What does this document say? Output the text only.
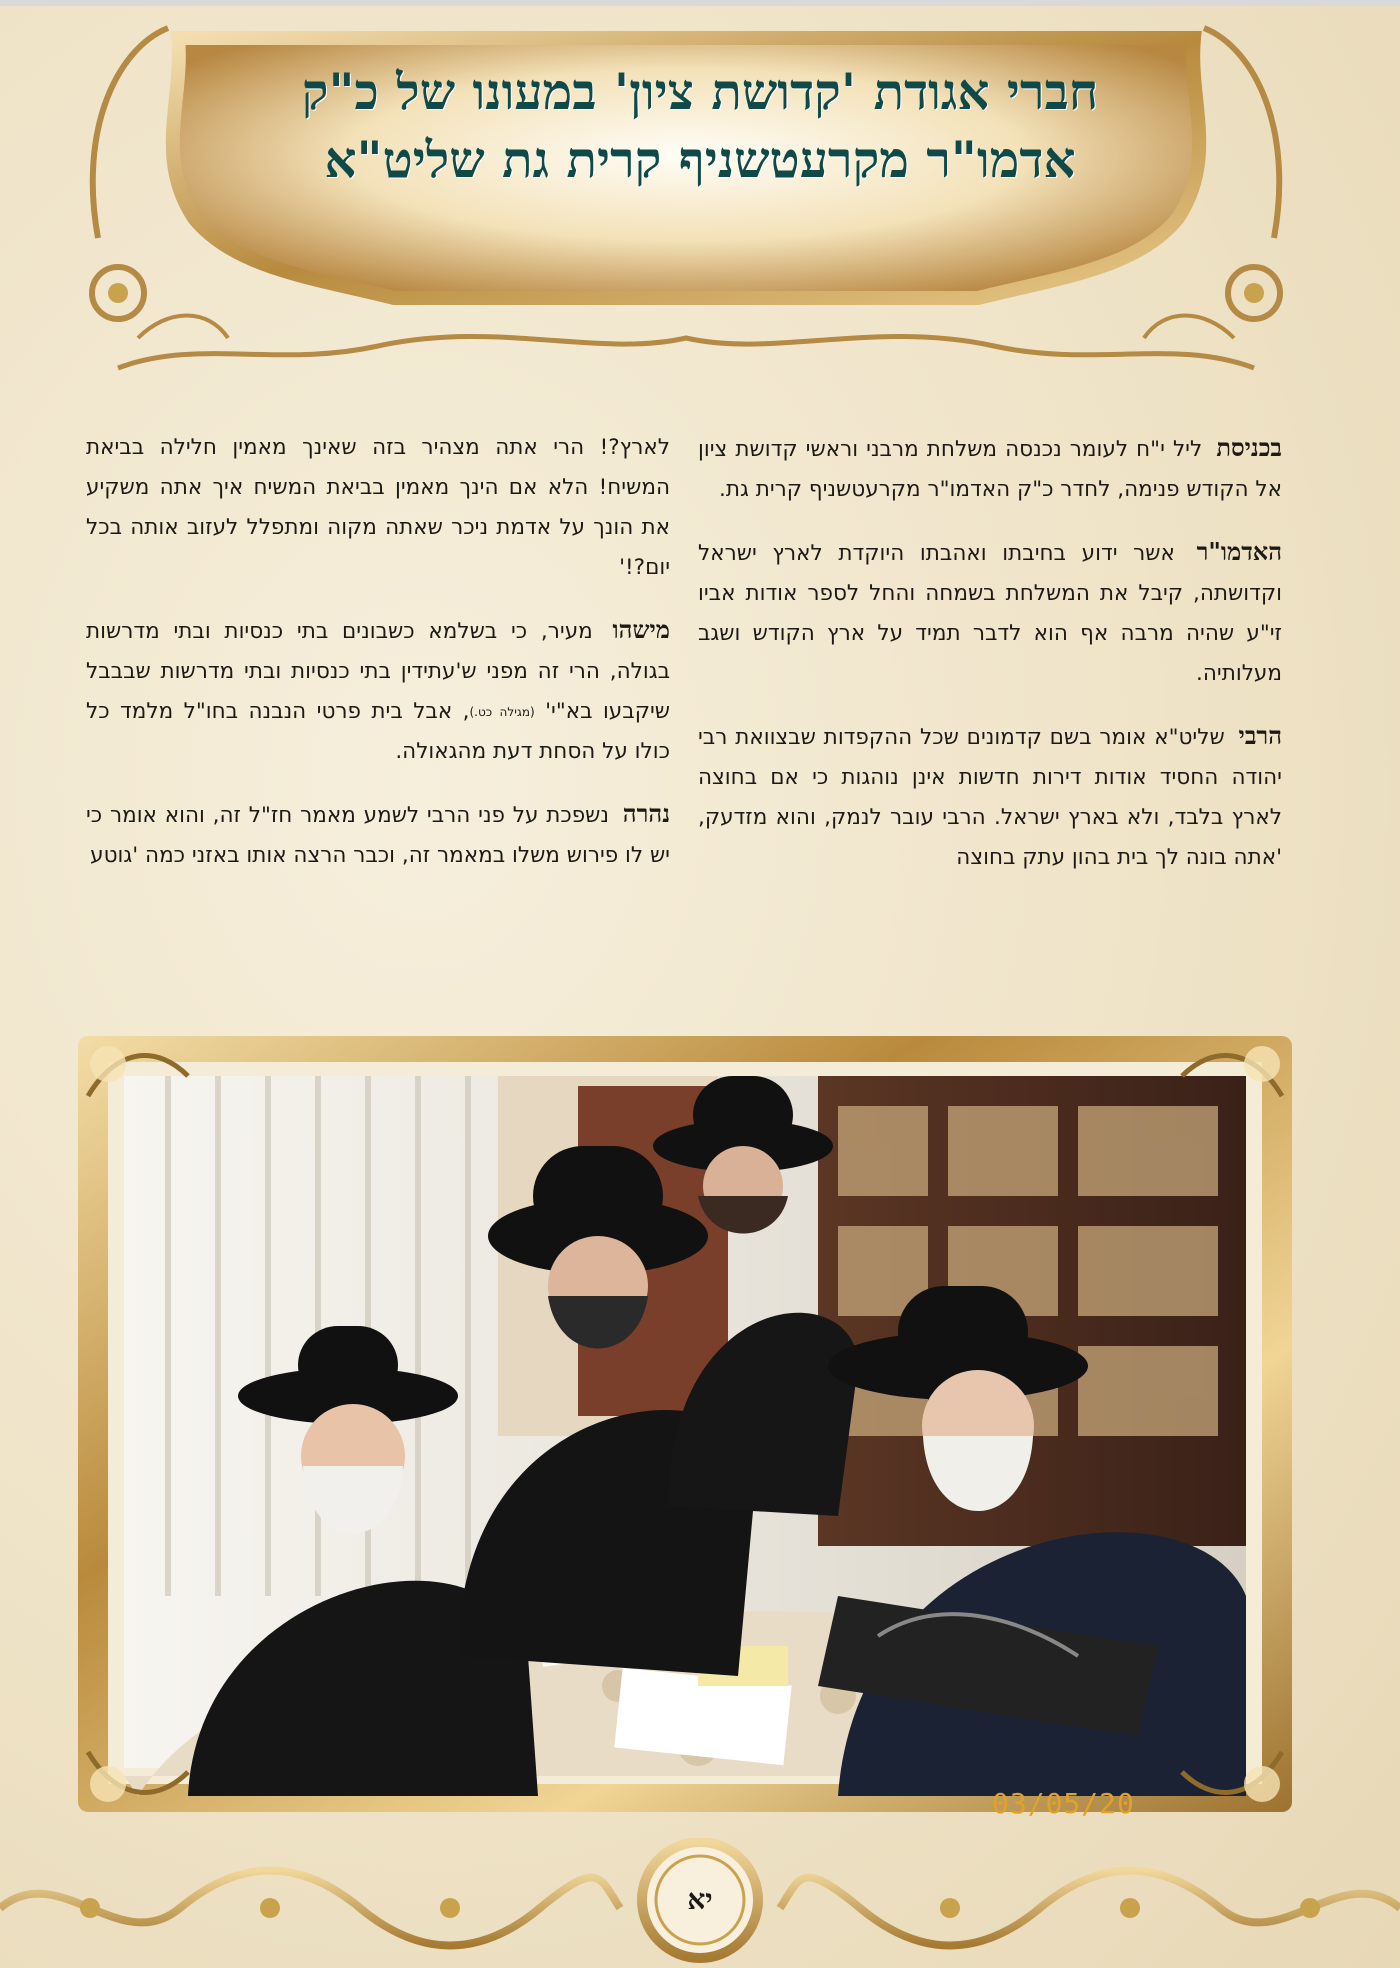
חברי אגודת 'קדושת ציון' במעונו של כ"ק
אדמו"ר מקרעטשניף קרית גת שליט"א

בכניסת ליל י"ח לעומר נכנסה משלחת מרבני וראשי קדושת ציון אל הקודש פנימה, לחדר כ"ק האדמו"ר מקרעטשניף קרית גת.

האדמו"ר אשר ידוע בחיבתו ואהבתו היוקדת לארץ ישראל וקדושתה, קיבל את המשלחת בשמחה והחל לספר אודות אביו זי"ע שהיה מרבה אף הוא לדבר תמיד על ארץ הקודש ושגב מעלותיה.

הרבי שליט"א אומר בשם קדמונים שכל ההקפדות שבצוואת רבי יהודה החסיד אודות דירות חדשות אינן נוהגות כי אם בחוצה לארץ בלבד, ולא בארץ ישראל. הרבי עובר לנמק, והוא מזדעק, 'אתה בונה לך בית בהון עתק בחוצה

לארץ?! הרי אתה מצהיר בזה שאינך מאמין חלילה בביאת המשיח! הלא אם הינך מאמין בביאת המשיח איך אתה משקיע את הונך על אדמת ניכר שאתה מקוה ומתפלל לעזוב אותה בכל יום?!'

מישהו מעיר, כי בשלמא כשבונים בתי כנסיות ובתי מדרשות בגולה, הרי זה מפני ש'עתידין בתי כנסיות ובתי מדרשות שבבבל שיקבעו בא"י' $^{(מגילה כט.)}$, אבל בית פרטי הנבנה בחו"ל מלמד כל כולו על הסחת דעת מהגאולה.

נהרה נשפכת על פני הרבי לשמע מאמר חז"ל זה, והוא אומר כי יש לו פירוש משלו במאמר זה, וכבר הרצה אותו באזני כמה 'גוטע

03/05/20
יא
